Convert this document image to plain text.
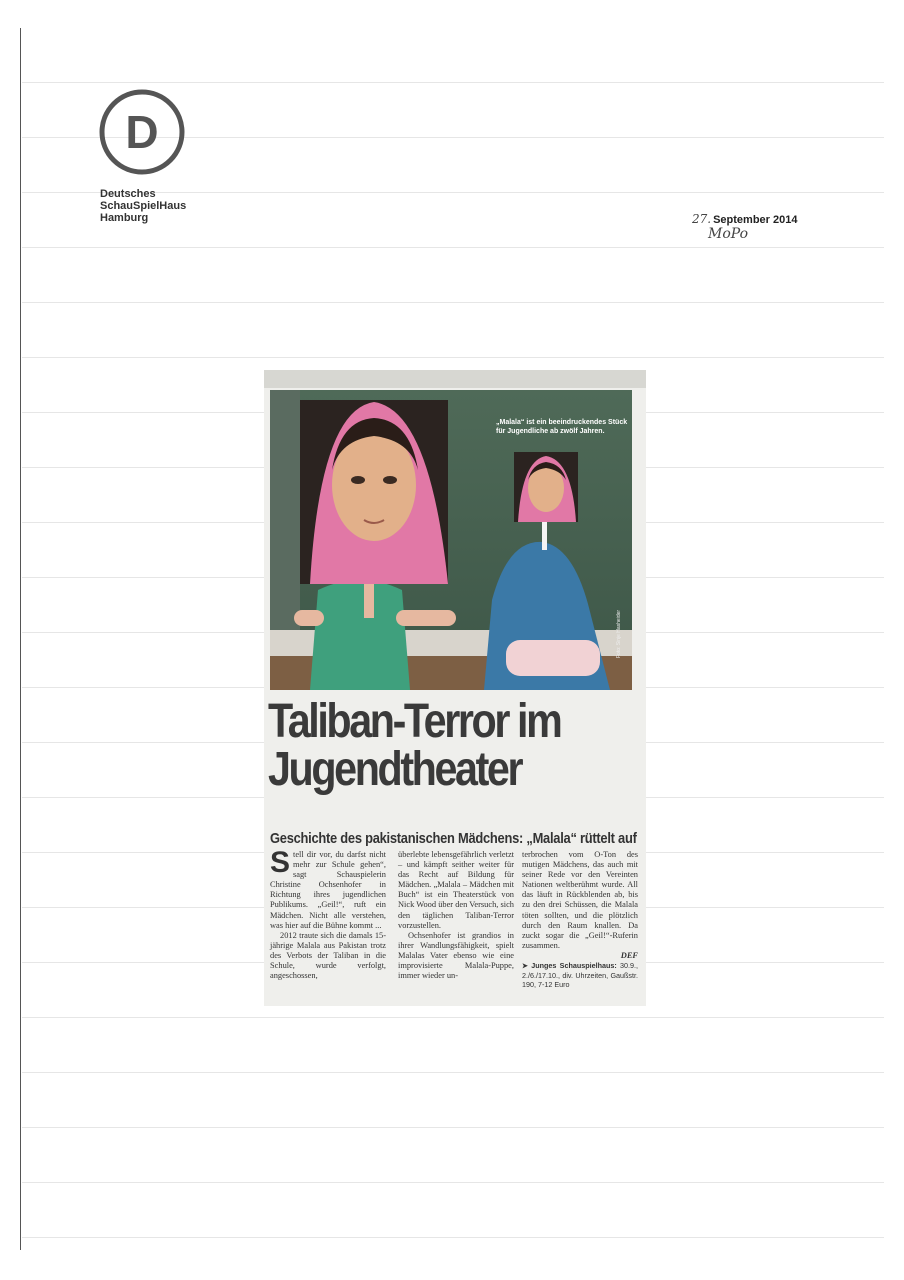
D
Deutsches
SchauSpielHaus
Hamburg	27. September 2014
MoPo
„Malala“ ist ein beeindruckendes Stück für Jugendliche ab zwölf Jahren.
Foto: Sinje Hasheider
Taliban-Terror im
Jugendtheater
Geschichte des pakistanischen Mädchens: „Malala“ rüttelt auf
S tell dir vor, du darfst nicht mehr zur Schule gehen“, sagt Schauspielerin Christine Ochsenhofer in Richtung ihres jugendlichen Publikums. „Geil!“, ruft ein Mädchen. Nicht alle verstehen, was hier auf die Bühne kommt ...

2012 traute sich die damals 15-jährige Malala aus Pakistan trotz des Verbots der Taliban in die Schule, wurde verfolgt, angeschossen,

überlebte lebensgefährlich verletzt – und kämpft seither weiter für das Recht auf Bildung für Mädchen. „Malala – Mädchen mit Buch“ ist ein Theaterstück von Nick Wood über den Versuch, sich den täglichen Taliban-Terror vorzustellen.

Ochsenhofer ist grandios in ihrer Wandlungsfähigkeit, spielt Malalas Vater ebenso wie eine improvisierte Malala-Puppe, immer wieder un-

terbrochen vom O-Ton des mutigen Mädchens, das auch mit seiner Rede vor den Vereinten Nationen weltberühmt wurde. All das läuft in Rückblenden ab, bis zu den drei Schüssen, die Malala töten sollten, und die plötzlich durch den Raum knallen. Da zuckt sogar die „Geil!“-Ruferin zusammen.

DEF

➤ Junges Schauspielhaus: 30.9., 2./6./17.10., div. Uhrzeiten, Gaußstr. 190, 7-12 Euro
